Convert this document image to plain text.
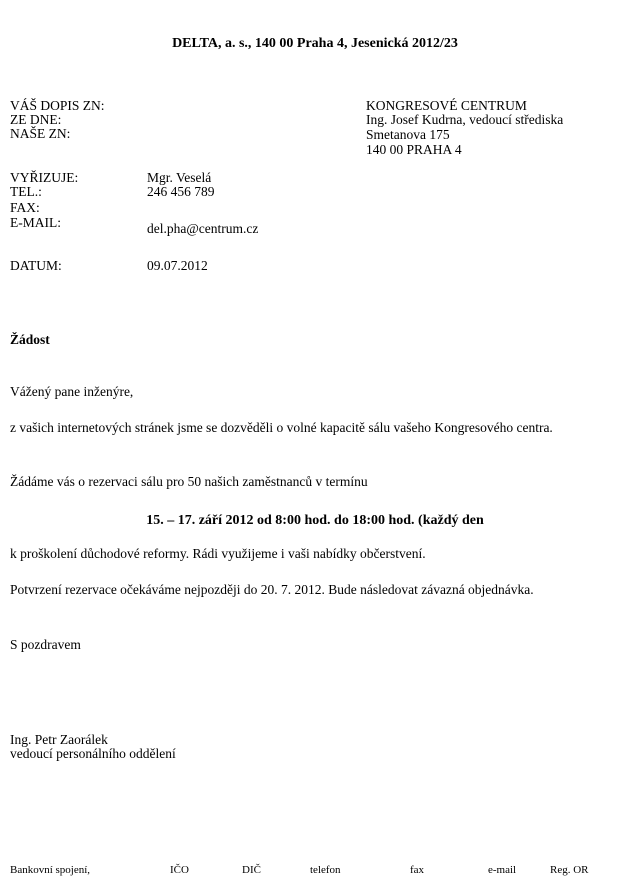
DELTA, a. s., 140 00 Praha 4, Jesenická 2012/23
VÁŠ DOPIS ZN:
ZE DNE:
NAŠE ZN:
KONGRESOVÉ CENTRUM
Ing. Josef Kudrna, vedoucí střediska
Smetanova 175
140 00 PRAHA 4
VYŘIZUJE:	Mgr. Veselá
TEL.:	246 456 789
FAX:
E-MAIL:	del.pha@centrum.cz
DATUM:	09.07.2012
Žádost
Vážený pane inženýre,
z vašich internetových stránek jsme se dozvěděli o volné kapacitě sálu vašeho Kongresového centra.
Žádáme vás o rezervaci sálu pro 50 našich zaměstnanců v termínu
15. – 17. září 2012 od 8:00 hod. do 18:00 hod. (každý den
k proškolení důchodové reformy. Rádi využijeme i vaši nabídky občerstvení.
Potvrzení rezervace očekáváme nejpozději do 20. 7. 2012. Bude následovat závazná objednávka.
S pozdravem
Ing. Petr Zaorálek
vedoucí personálního oddělení
Bankovní spojení,	IČO	DIČ	telefon	fax	e-mail	Reg. OR
